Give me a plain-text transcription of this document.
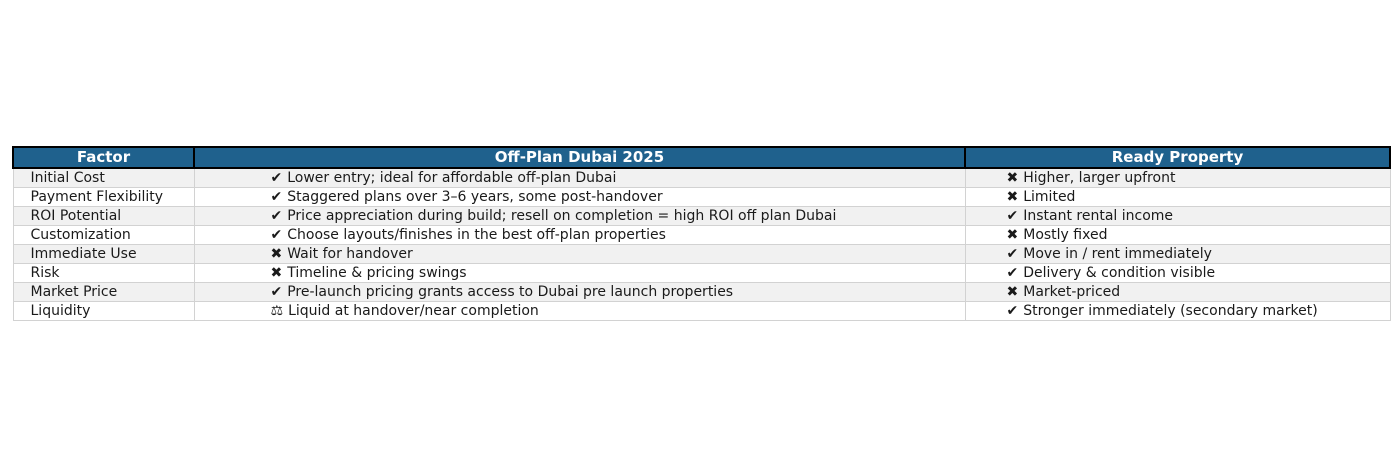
Factor	Off-Plan Dubai 2025	Ready Property
Initial Cost	✔ Lower entry; ideal for affordable off-plan Dubai	✖ Higher, larger upfront
Payment Flexibility	✔ Staggered plans over 3–6 years, some post-handover	✖ Limited
ROI Potential	✔ Price appreciation during build; resell on completion = high ROI off plan Dubai	✔ Instant rental income
Customization	✔ Choose layouts/finishes in the best off-plan properties	✖ Mostly fixed
Immediate Use	✖ Wait for handover	✔ Move in / rent immediately
Risk	✖ Timeline & pricing swings	✔ Delivery & condition visible
Market Price	✔ Pre-launch pricing grants access to Dubai pre launch properties	✖ Market-priced
Liquidity	⚖ Liquid at handover/near completion	✔ Stronger immediately (secondary market)
